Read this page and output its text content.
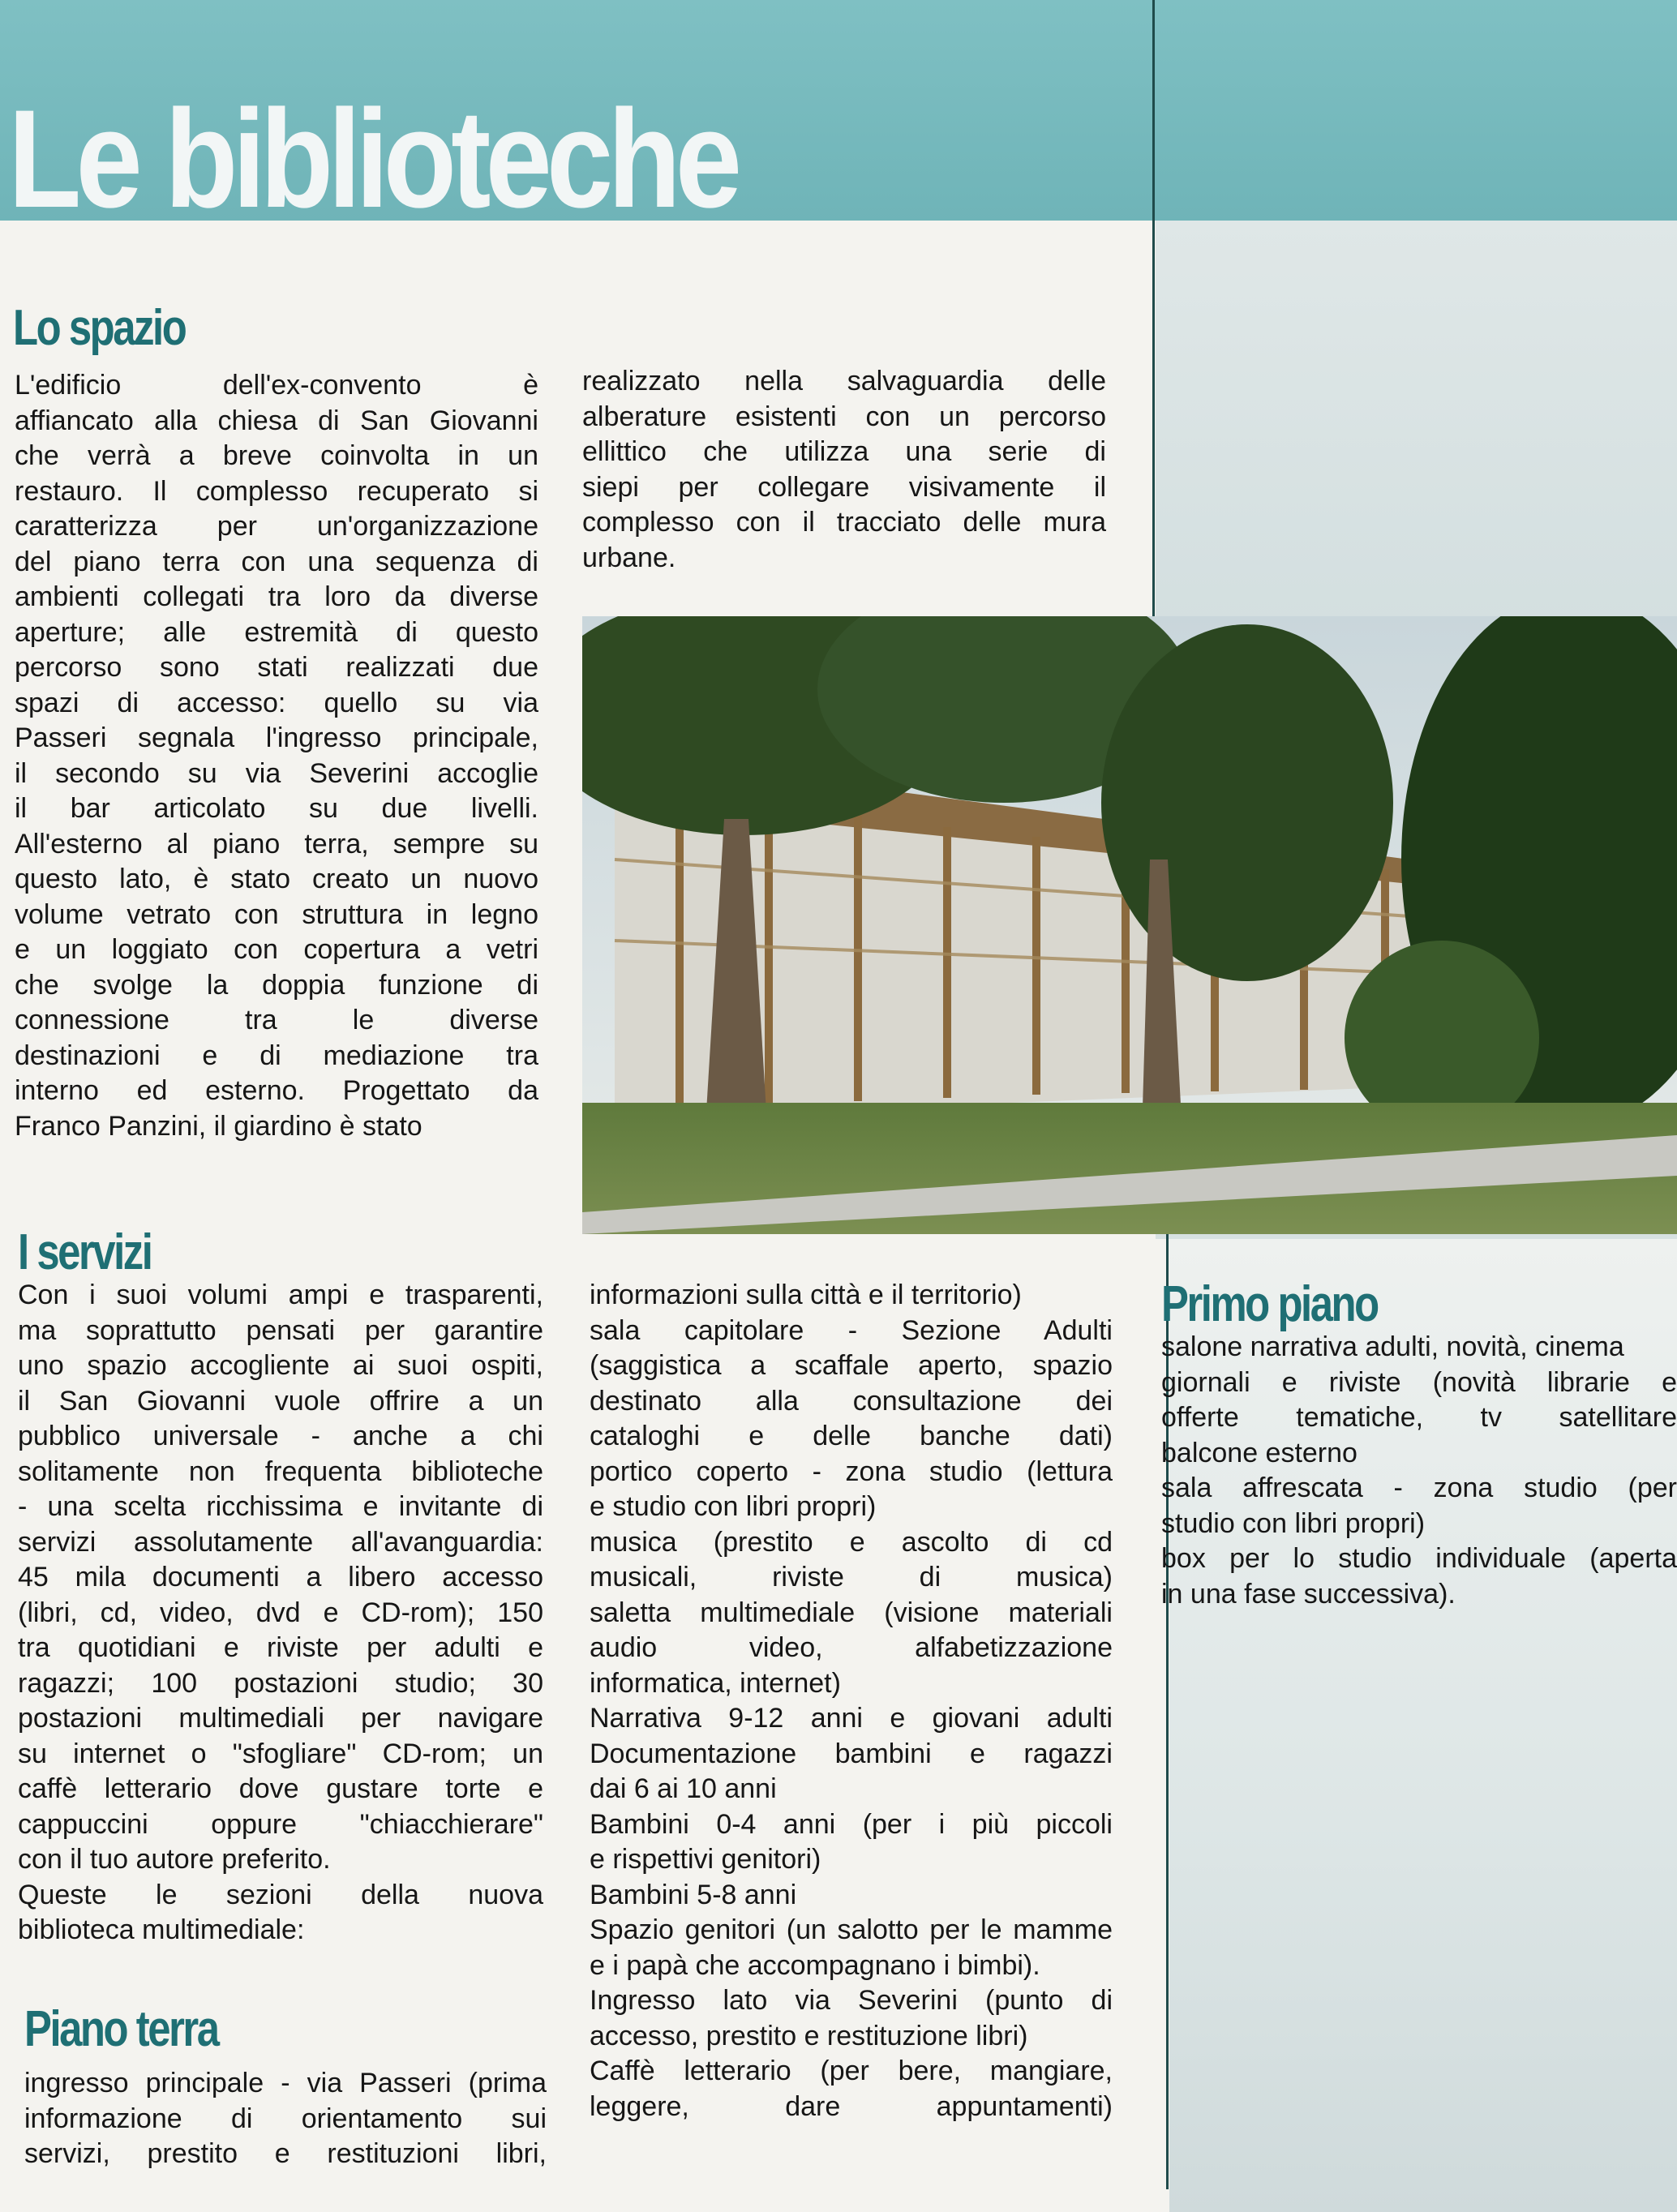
Le biblioteche
Lo spazio
L'edificio dell'ex-convento è
affiancato alla chiesa di San Giovanni
che verrà a breve coinvolta in un
restauro. Il complesso recuperato si
caratterizza per un'organizzazione
del piano terra con una sequenza di
ambienti collegati tra loro da diverse
aperture; alle estremità di questo
percorso sono stati realizzati due
spazi di accesso: quello su via
Passeri segnala l'ingresso principale,
il secondo su via Severini accoglie
il bar articolato su due livelli.
All'esterno al piano terra, sempre su
questo lato, è stato creato un nuovo
volume vetrato con struttura in legno
e un loggiato con copertura a vetri
che svolge la doppia funzione di
connessione tra le diverse
destinazioni e di mediazione tra
interno ed esterno. Progettato da
Franco Panzini, il giardino è stato
realizzato nella salvaguardia delle
alberature esistenti con un percorso
ellittico che utilizza una serie di
siepi per collegare visivamente il
complesso con il tracciato delle mura
urbane.
I servizi
Con i suoi volumi ampi e trasparenti,
ma soprattutto pensati per garantire
uno spazio accogliente ai suoi ospiti,
il San Giovanni vuole offrire a un
pubblico universale - anche a chi
solitamente non frequenta biblioteche
- una scelta ricchissima e invitante di
servizi assolutamente all'avanguardia:
45 mila documenti a libero accesso
(libri, cd, video, dvd e CD-rom); 150
tra quotidiani e riviste per adulti e
ragazzi; 100 postazioni studio; 30
postazioni multimediali per navigare
su internet o "sfogliare" CD-rom; un
caffè letterario dove gustare torte e
cappuccini oppure "chiacchierare"
con il tuo autore preferito.
Queste le sezioni della nuova
biblioteca multimediale:
Piano terra
ingresso principale - via Passeri (prima
informazione di orientamento sui
servizi, prestito e restituzioni libri,
informazioni sulla città e il territorio)
sala capitolare - Sezione Adulti
(saggistica a scaffale aperto, spazio
destinato alla consultazione dei
cataloghi e delle banche dati)
portico coperto - zona studio (lettura
e studio con libri propri)
musica (prestito e ascolto di cd
musicali, riviste di musica)
saletta multimediale (visione materiali
audio video, alfabetizzazione
informatica, internet)
Narrativa 9-12 anni e giovani adulti
Documentazione bambini e ragazzi
dai 6 ai 10 anni
Bambini 0-4 anni (per i più piccoli
e rispettivi genitori)
Bambini 5-8 anni
Spazio genitori (un salotto per le mamme
e i papà che accompagnano i bimbi).
Ingresso lato via Severini (punto di
accesso, prestito e restituzione libri)
Caffè letterario (per bere, mangiare,
leggere, dare appuntamenti)
Primo piano
salone narrativa adulti, novità, cinema
giornali e riviste (novità librarie e
offerte tematiche, tv satellitare
balcone esterno
sala affrescata - zona studio (per
studio con libri propri)
box per lo studio individuale (aperta
in una fase successiva).
